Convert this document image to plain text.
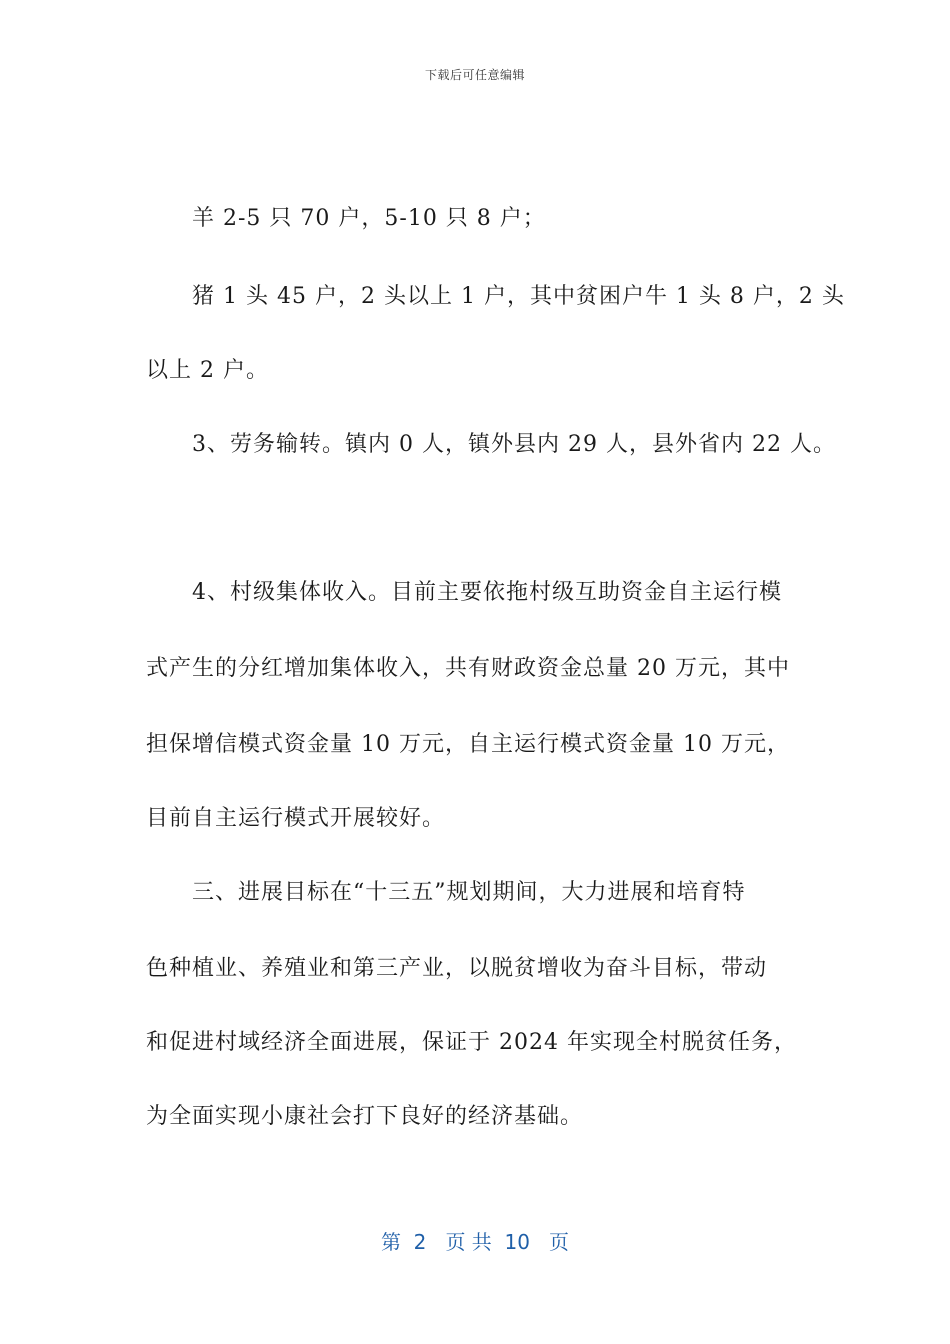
下载后可任意编辑
羊 2-5 只 70 户，5-10 只 8 户；
猪 1 头 45 户，2 头以上 1 户，其中贫困户牛 1 头 8 户，2 头
以上 2 户。
3、劳务输转。镇内 0 人，镇外县内 29 人，县外省内 22 人。
4、村级集体收入。目前主要依拖村级互助资金自主运行模
式产生的分红增加集体收入，共有财政资金总量 20 万元，其中
担保增信模式资金量 10 万元，自主运行模式资金量 10 万元，
目前自主运行模式开展较好。
三、进展目标在“十三五”规划期间，大力进展和培育特
色种植业、养殖业和第三产业，以脱贫增收为奋斗目标，带动
和促进村域经济全面进展，保证于 2024 年实现全村脱贫任务，
为全面实现小康社会打下良好的经济基础。
第  2   页 共  10   页
